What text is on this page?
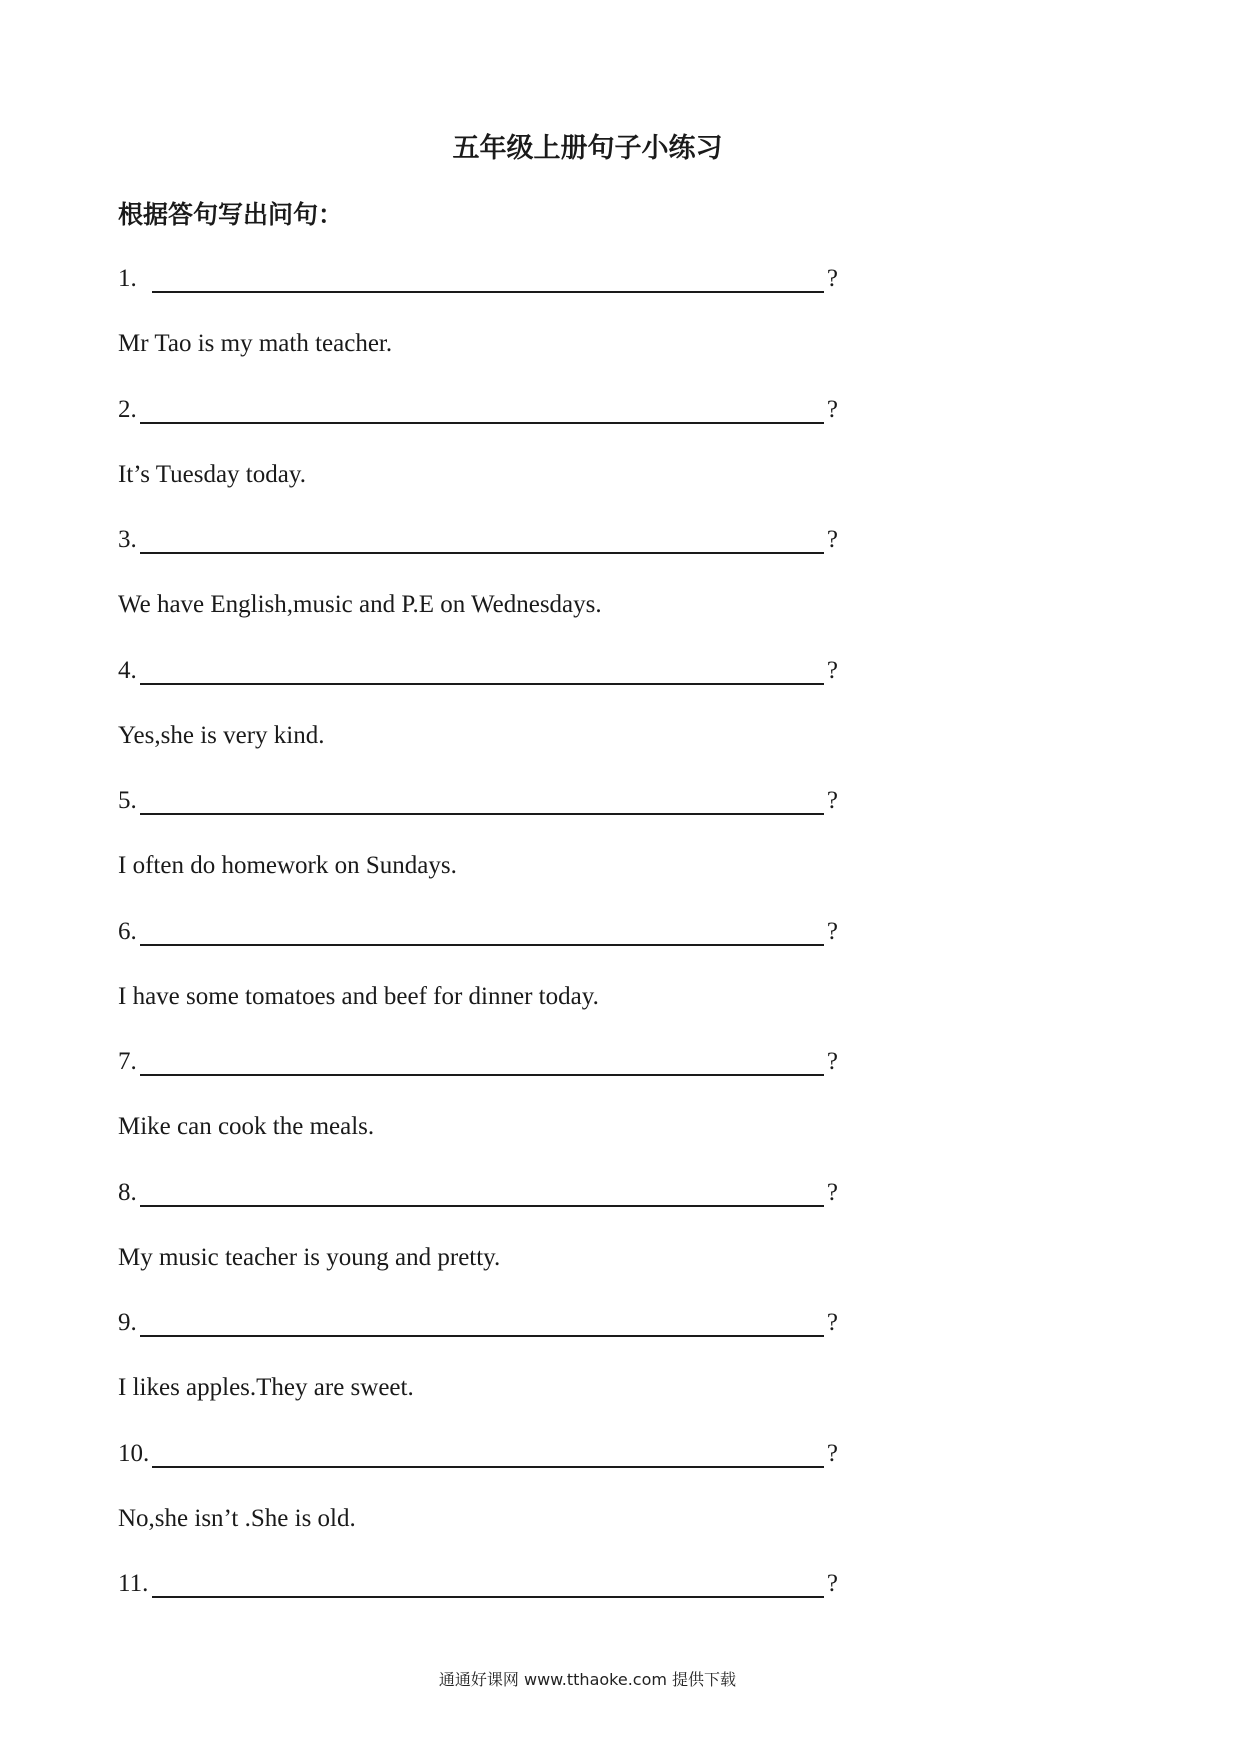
五年级上册句子小练习
根据答句写出问句：
1.	?
Mr Tao is my math teacher.
2.	?
It’s Tuesday today.
3.	?
We have English,music and P.E on Wednesdays.
4.	?
Yes,she is very kind.
5.	?
I often do homework on Sundays.
6.	?
I have some tomatoes and beef for dinner today.
7.	?
Mike can cook the meals.
8.	?
My music teacher is young and pretty.
9.	?
I likes apples.They are sweet.
10.	?
No,she isn’t .She is old.
11.	?
通通好课网 www.tthaoke.com 提供下载
